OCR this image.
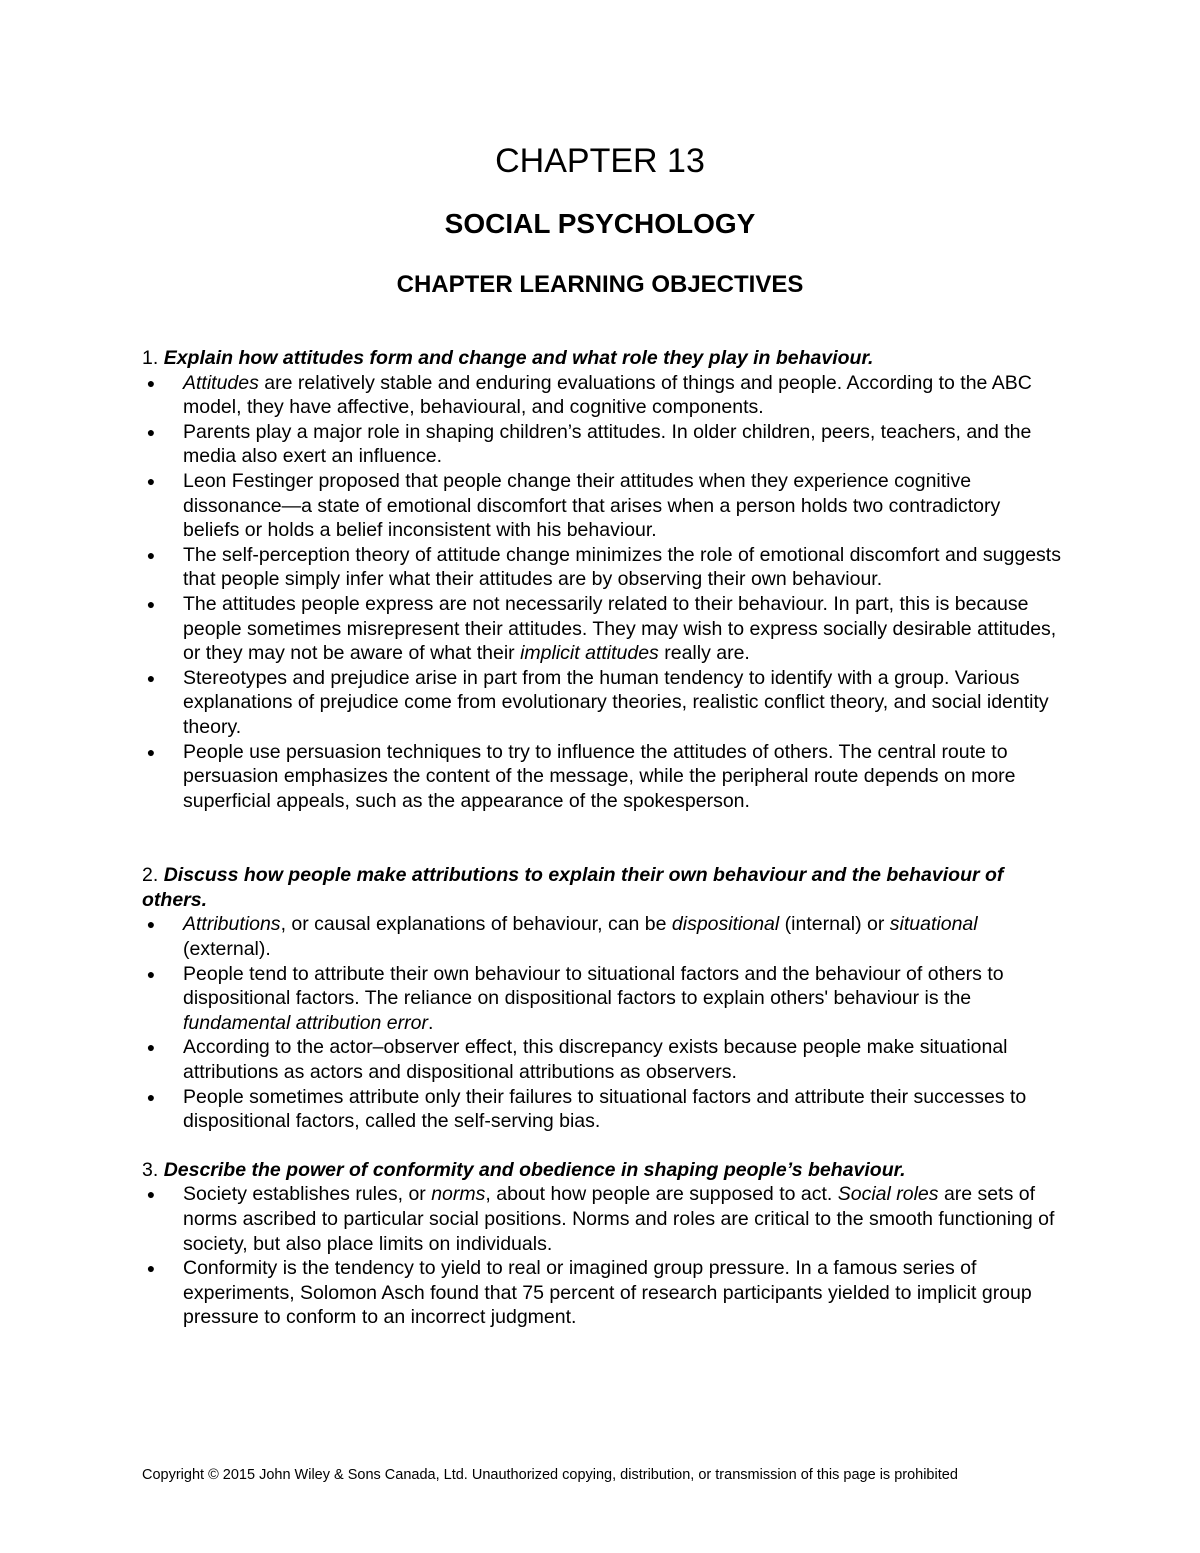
CHAPTER 13
SOCIAL PSYCHOLOGY
CHAPTER LEARNING OBJECTIVES

1. Explain how attitudes form and change and what role they play in behaviour.

● Attitudes are relatively stable and enduring evaluations of things and people. According to the ABC model, they have affective, behavioural, and cognitive components.
● Parents play a major role in shaping children’s attitudes. In older children, peers, teachers, and the media also exert an influence.
● Leon Festinger proposed that people change their attitudes when they experience cognitive dissonance—a state of emotional discomfort that arises when a person holds two contradictory beliefs or holds a belief inconsistent with his behaviour.
● The self-perception theory of attitude change minimizes the role of emotional discomfort and suggests that people simply infer what their attitudes are by observing their own behaviour.
● The attitudes people express are not necessarily related to their behaviour. In part, this is because people sometimes misrepresent their attitudes. They may wish to express socially desirable attitudes, or they may not be aware of what their implicit attitudes really are.
● Stereotypes and prejudice arise in part from the human tendency to identify with a group. Various explanations of prejudice come from evolutionary theories, realistic conflict theory, and social identity theory.
● People use persuasion techniques to try to influence the attitudes of others. The central route to persuasion emphasizes the content of the message, while the peripheral route depends on more superficial appeals, such as the appearance of the spokesperson.

2. Discuss how people make attributions to explain their own behaviour and the behaviour of others.

● Attributions, or causal explanations of behaviour, can be dispositional (internal) or situational (external).
● People tend to attribute their own behaviour to situational factors and the behaviour of others to dispositional factors. The reliance on dispositional factors to explain others' behaviour is the fundamental attribution error.
● According to the actor–observer effect, this discrepancy exists because people make situational attributions as actors and dispositional attributions as observers.
● People sometimes attribute only their failures to situational factors and attribute their successes to dispositional factors, called the self-serving bias.

3. Describe the power of conformity and obedience in shaping people’s behaviour.

● Society establishes rules, or norms, about how people are supposed to act. Social roles are sets of norms ascribed to particular social positions. Norms and roles are critical to the smooth functioning of society, but also place limits on individuals.
● Conformity is the tendency to yield to real or imagined group pressure. In a famous series of experiments, Solomon Asch found that 75 percent of research participants yielded to implicit group pressure to conform to an incorrect judgment.
Copyright © 2015 John Wiley & Sons Canada, Ltd. Unauthorized copying, distribution, or transmission of this page is prohibited
